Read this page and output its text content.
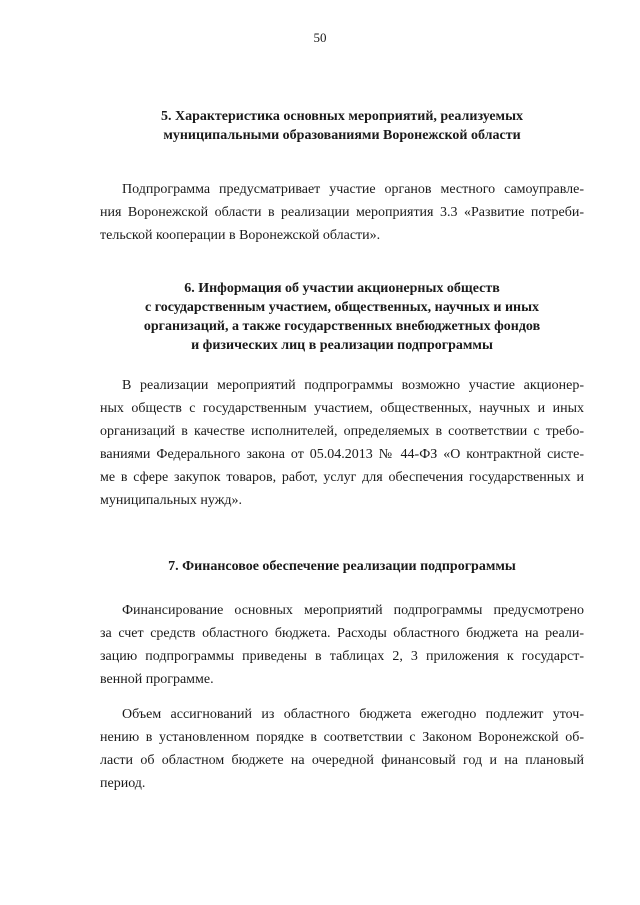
50
5. Характеристика основных мероприятий, реализуемых
муниципальными образованиями Воронежской области
Подпрограмма предусматривает участие органов местного самоуправле-
ния Воронежской области в реализации мероприятия 3.3 «Развитие потреби-
тельской кооперации в Воронежской области».
6. Информация об участии акционерных обществ
с государственным участием, общественных, научных и иных
организаций, а также государственных внебюджетных фондов
и физических лиц в реализации подпрограммы
В реализации мероприятий подпрограммы возможно участие акционер-
ных обществ с государственным участием, общественных, научных и иных
организаций в качестве исполнителей, определяемых в соответствии с требо-
ваниями Федерального закона от 05.04.2013 № 44-ФЗ «О контрактной систе-
ме в сфере закупок товаров, работ, услуг для обеспечения государственных и
муниципальных нужд».
7. Финансовое обеспечение реализации подпрограммы
Финансирование основных мероприятий подпрограммы предусмотрено
за счет средств областного бюджета. Расходы областного бюджета на реали-
зацию подпрограммы приведены в таблицах 2, 3 приложения к государст-
венной программе.
Объем ассигнований из областного бюджета ежегодно подлежит уточ-
нению в установленном порядке в соответствии с Законом Воронежской об-
ласти об областном бюджете на очередной финансовый год и на плановый
период.
